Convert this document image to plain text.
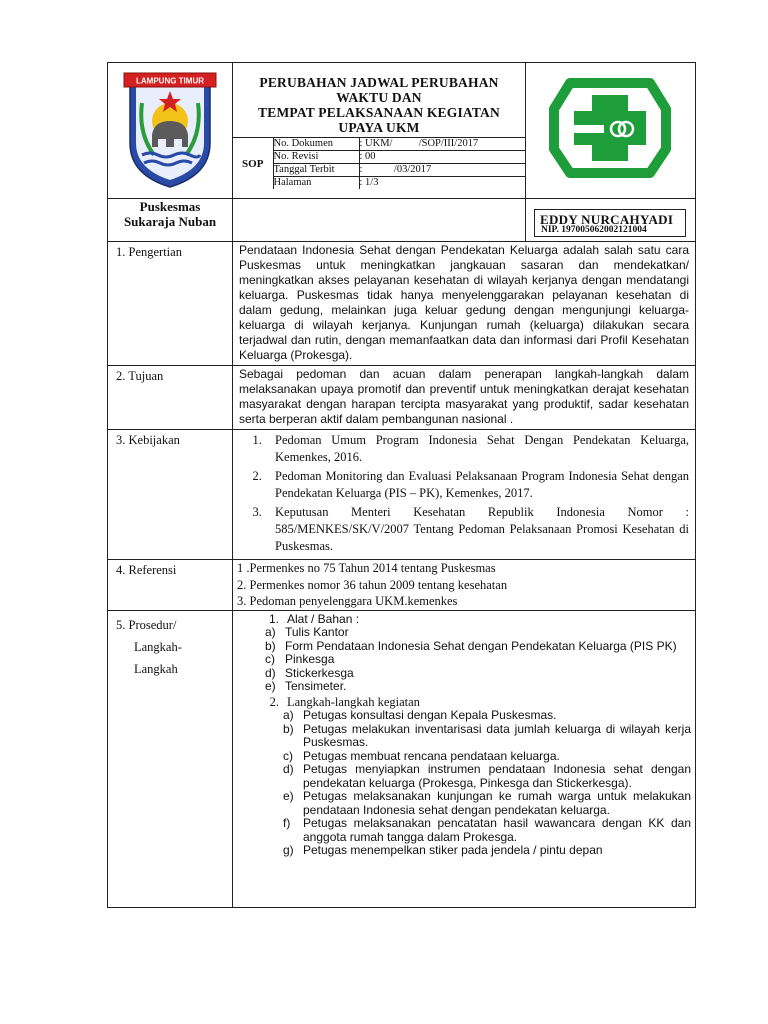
LAMPUNG TIMUR	PERUBAHAN JADWAL PERUBAHAN
WAKTU DAN
TEMPAT PELAKSANAAN KEGIATAN
UPAYA UKM
SOP	No. Dokumen	: UKM/          /SOP/III/2017
No. Revisi	: 00
Tanggal Terbit	:            /03/2017
Halaman	: 1/3

Puskesmas
Sukaraja Nuban		EDDY NURCAHYADI
NIP. 197005062002121004

1. Pengertian	Pendataan Indonesia Sehat dengan Pendekatan Keluarga adalah salah satu cara Puskesmas untuk meningkatkan jangkauan sasaran dan mendekatkan/ meningkatkan akses pelayanan kesehatan di wilayah kerjanya dengan mendatangi keluarga. Puskesmas tidak hanya menyelenggarakan pelayanan kesehatan di dalam gedung, melainkan juga keluar gedung dengan mengunjungi keluarga-keluarga di wilayah kerjanya. Kunjungan rumah (keluarga) dilakukan secara terjadwal dan rutin, dengan memanfaatkan data dan informasi dari Profil Kesehatan Keluarga (Prokesga).

2. Tujuan	Sebagai pedoman dan acuan dalam penerapan langkah-langkah dalam melaksanakan upaya promotif dan preventif untuk meningkatkan derajat kesehatan masyarakat dengan harapan tercipta masyarakat yang produktif, sadar kesehatan serta berperan aktif dalam pembangunan nasional .

3. Kebijakan

1.Pedoman Umum Program Indonesia Sehat Dengan Pendekatan Keluarga, Kemenkes, 2016.
2. Pedoman Monitoring dan Evaluasi Pelaksanaan Program Indonesia Sehat dengan Pendekatan Keluarga (PIS – PK), Kemenkes, 2017.
3. Keputusan Menteri Kesehatan Republik Indonesia Nomor : 585/MENKES/SK/V/2007 Tentang Pedoman Pelaksanaan Promosi Kesehatan di Puskesmas.

4. Referensi	1 .Permenkes no 75 Tahun 2014 tentang Puskesmas
2. Permenkes nomor 36 tahun 2009 tentang kesehatan
3. Pedoman penyelenggara UKM.kemenkes

5. Prosedur/
Langkah-
Langkah

1. Alat / Bahan :
a) Tulis Kantor
b) Form Pendataan Indonesia Sehat dengan Pendekatan Keluarga (PIS PK)
c) Pinkesga
d) Stickerkesga
e) Tensimeter.
2. Langkah-langkah kegiatan
a) Petugas konsultasi dengan Kepala Puskesmas.
b) Petugas melakukan inventarisasi data jumlah keluarga di wilayah kerja Puskesmas.
c) Petugas membuat rencana pendataan keluarga.
d) Petugas menyiapkan instrumen pendataan Indonesia sehat dengan pendekatan keluarga (Prokesga, Pinkesga dan Stickerkesga).
e) Petugas melaksanakan kunjungan ke rumah warga untuk melakukan pendataan Indonesia sehat dengan pendekatan keluarga.
f)	Petugas melaksanakan pencatatan hasil wawancara dengan KK dan anggota rumah tangga dalam Prokesga.
g) Petugas menempelkan stiker pada jendela / pintu depan
